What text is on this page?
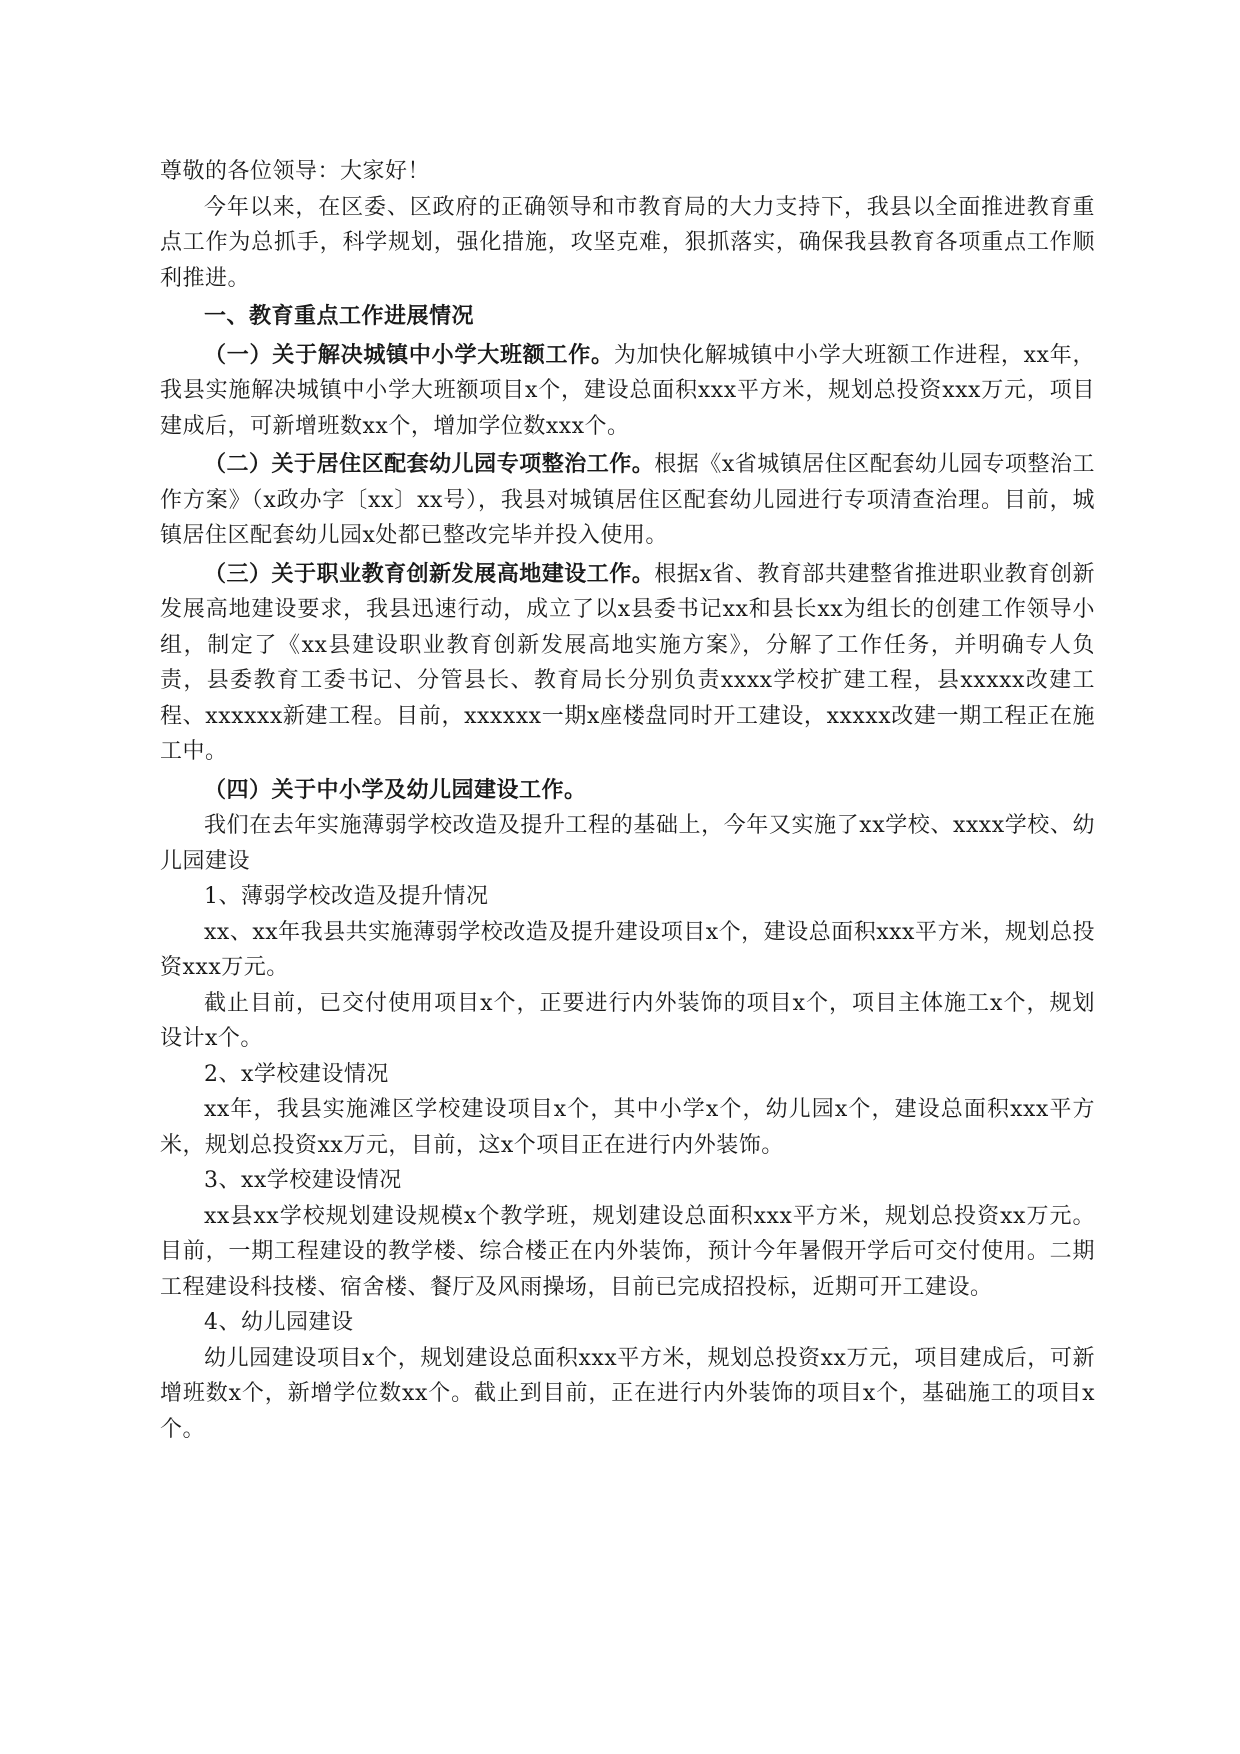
尊敬的各位领导：大家好！

今年以来，在区委、区政府的正确领导和市教育局的大力支持下，我县以全面推进教育重点工作为总抓手，科学规划，强化措施，攻坚克难，狠抓落实，确保我县教育各项重点工作顺利推进。

一、教育重点工作进展情况

（一）关于解决城镇中小学大班额工作。为加快化解城镇中小学大班额工作进程，xx年，我县实施解决城镇中小学大班额项目x个，建设总面积xxx平方米，规划总投资xxx万元，项目建成后，可新增班数xx个，增加学位数xxx个。

（二）关于居住区配套幼儿园专项整治工作。根据《x省城镇居住区配套幼儿园专项整治工作方案》（x政办字〔xx〕xx号），我县对城镇居住区配套幼儿园进行专项清查治理。目前，城镇居住区配套幼儿园x处都已整改完毕并投入使用。

（三）关于职业教育创新发展高地建设工作。根据x省、教育部共建整省推进职业教育创新发展高地建设要求，我县迅速行动，成立了以x县委书记xx和县长xx为组长的创建工作领导小组，制定了《xx县建设职业教育创新发展高地实施方案》，分解了工作任务，并明确专人负责，县委教育工委书记、分管县长、教育局长分别负责xxxx学校扩建工程，县xxxxx改建工程、xxxxxx新建工程。目前，xxxxxx一期x座楼盘同时开工建设，xxxxx改建一期工程正在施工中。

（四）关于中小学及幼儿园建设工作。

我们在去年实施薄弱学校改造及提升工程的基础上，今年又实施了xx学校、xxxx学校、幼儿园建设

1、薄弱学校改造及提升情况

xx、xx年我县共实施薄弱学校改造及提升建设项目x个，建设总面积xxx平方米，规划总投资xxx万元。

截止目前，已交付使用项目x个，正要进行内外装饰的项目x个，项目主体施工x个，规划设计x个。

2、x学校建设情况

xx年，我县实施滩区学校建设项目x个，其中小学x个，幼儿园x个，建设总面积xxx平方米，规划总投资xx万元，目前，这x个项目正在进行内外装饰。

3、xx学校建设情况

xx县xx学校规划建设规模x个教学班，规划建设总面积xxx平方米，规划总投资xx万元。目前，一期工程建设的教学楼、综合楼正在内外装饰，预计今年暑假开学后可交付使用。二期工程建设科技楼、宿舍楼、餐厅及风雨操场，目前已完成招投标，近期可开工建设。

4、幼儿园建设

幼儿园建设项目x个，规划建设总面积xxx平方米，规划总投资xx万元，项目建成后，可新增班数x个，新增学位数xx个。截止到目前，正在进行内外装饰的项目x个，基础施工的项目x个。
